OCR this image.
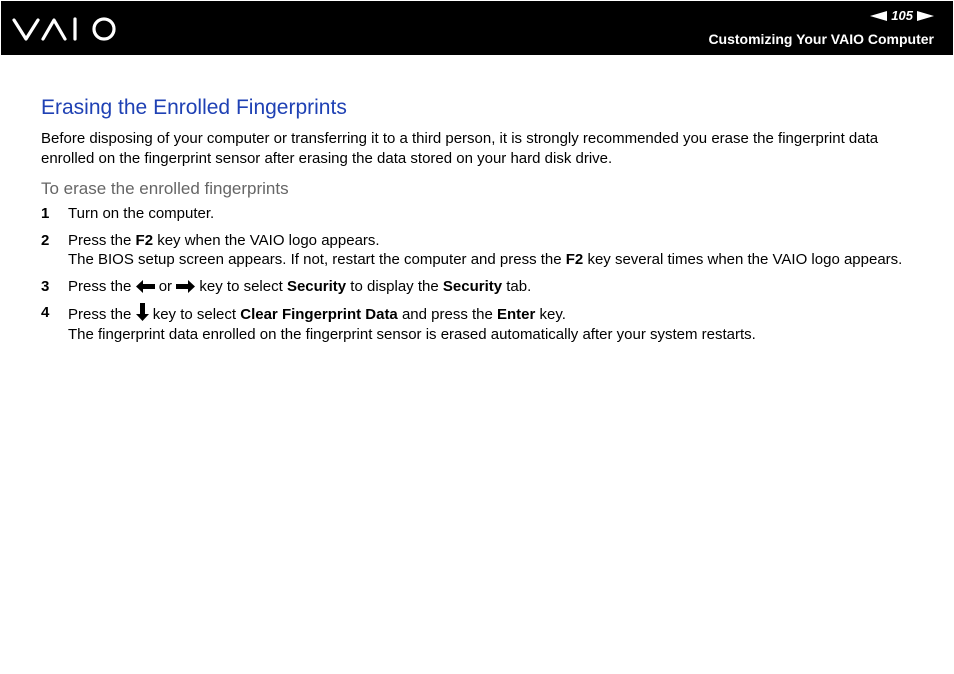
105
Customizing Your VAIO Computer
Erasing the Enrolled Fingerprints

Before disposing of your computer or transferring it to a third person, it is strongly recommended you erase the fingerprint data enrolled on the fingerprint sensor after erasing the data stored on your hard disk drive.

To erase the enrolled fingerprints
1 Turn on the computer.
2 Press the F2 key when the VAIO logo appears.
The BIOS setup screen appears. If not, restart the computer and press the F2 key several times when the VAIO logo appears.
3 Press the  or  key to select Security to display the Security tab.
4 Press the  key to select Clear Fingerprint Data and press the Enter key.
The fingerprint data enrolled on the fingerprint sensor is erased automatically after your system restarts.
